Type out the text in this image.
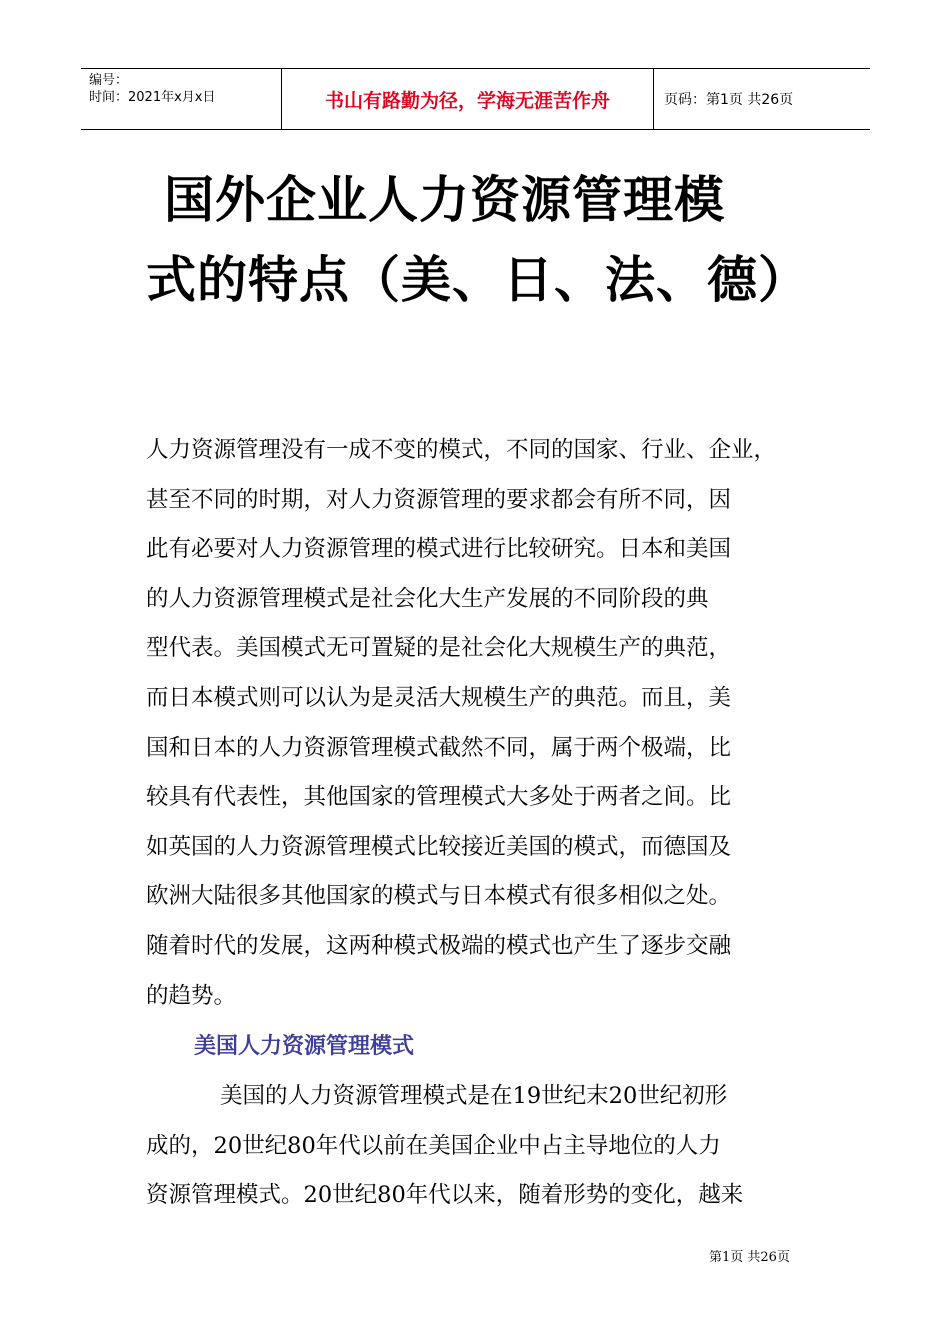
编号：
时间：2021年x月x日	书山有路勤为径，学海无涯苦作舟	页码：第1页 共26页
国外企业人力资源管理模
式的特点（美、日、法、德）
人力资源管理没有一成不变的模式，不同的国家、行业、企业，
甚至不同的时期，对人力资源管理的要求都会有所不同，因
此有必要对人力资源管理的模式进行比较研究。日本和美国
的人力资源管理模式是社会化大生产发展的不同阶段的典
型代表。美国模式无可置疑的是社会化大规模生产的典范，
而日本模式则可以认为是灵活大规模生产的典范。而且，美
国和日本的人力资源管理模式截然不同，属于两个极端，比
较具有代表性，其他国家的管理模式大多处于两者之间。比
如英国的人力资源管理模式比较接近美国的模式，而德国及
欧洲大陆很多其他国家的模式与日本模式有很多相似之处。
随着时代的发展，这两种模式极端的模式也产生了逐步交融
的趋势。
美国人力资源管理模式
美国的人力资源管理模式是在19世纪末20世纪初形
成的，20世纪80年代以前在美国企业中占主导地位的人力
资源管理模式。20世纪80年代以来，随着形势的变化，越来
第1页 共26页
